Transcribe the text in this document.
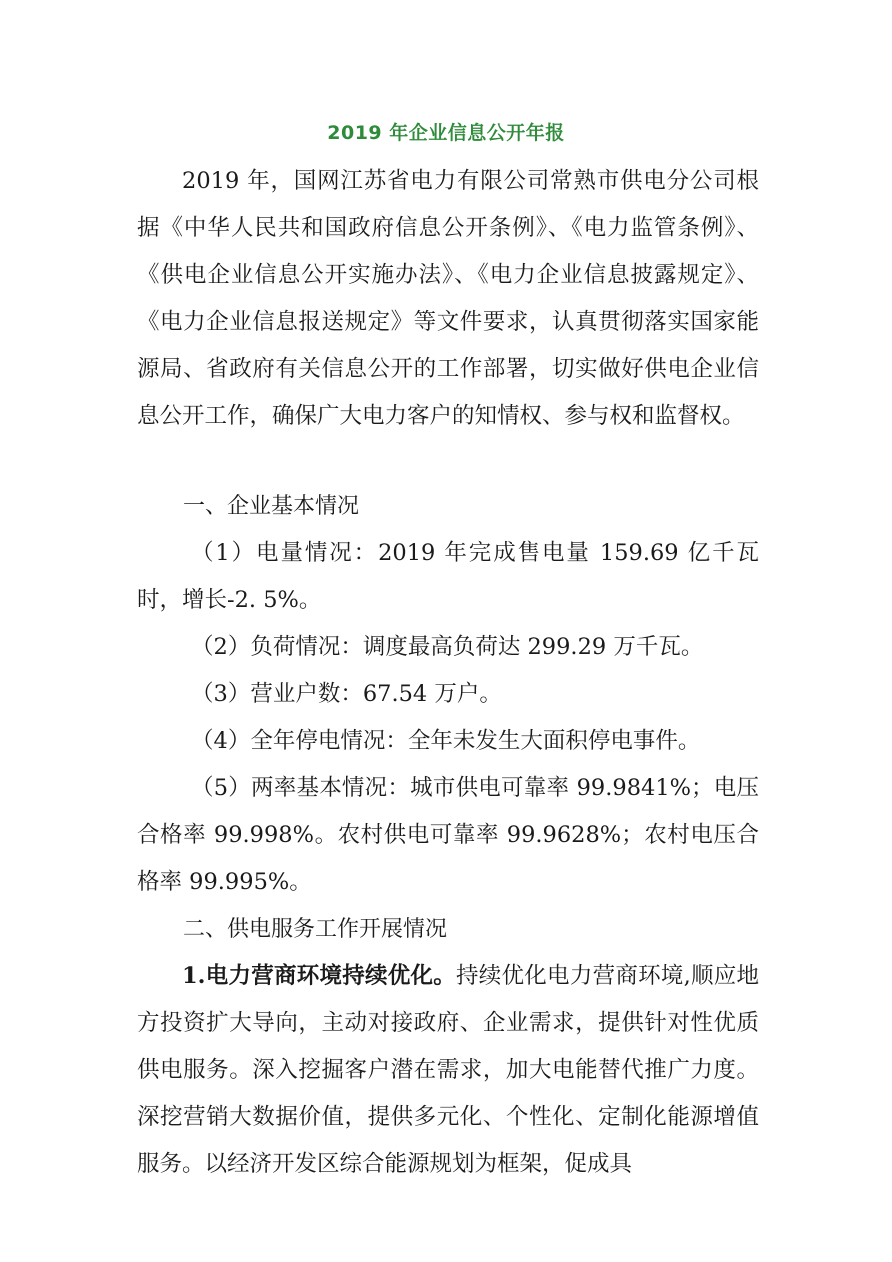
2019 年企业信息公开年报

2019 年，国网江苏省电力有限公司常熟市供电分公司根据《中华人民共和国政府信息公开条例》、《电力监管条例》、《供电企业信息公开实施办法》、《电力企业信息披露规定》、《电力企业信息报送规定》等文件要求，认真贯彻落实国家能源局、省政府有关信息公开的工作部署，切实做好供电企业信息公开工作，确保广大电力客户的知情权、参与权和监督权。

一、企业基本情况

（1）电量情况：2019 年完成售电量 159.69 亿千瓦时，增长-2. 5%。

（2）负荷情况：调度最高负荷达 299.29 万千瓦。

（3）营业户数：67.54 万户。

（4）全年停电情况：全年未发生大面积停电事件。

（5）两率基本情况：城市供电可靠率 99.9841%；电压合格率 99.998%。农村供电可靠率 99.9628%；农村电压合格率 99.995%。

二、供电服务工作开展情况

1.电力营商环境持续优化。持续优化电力营商环境,顺应地方投资扩大导向，主动对接政府、企业需求，提供针对性优质供电服务。深入挖掘客户潜在需求，加大电能替代推广力度。深挖营销大数据价值，提供多元化、个性化、定制化能源增值服务。以经济开发区综合能源规划为框架，促成具
